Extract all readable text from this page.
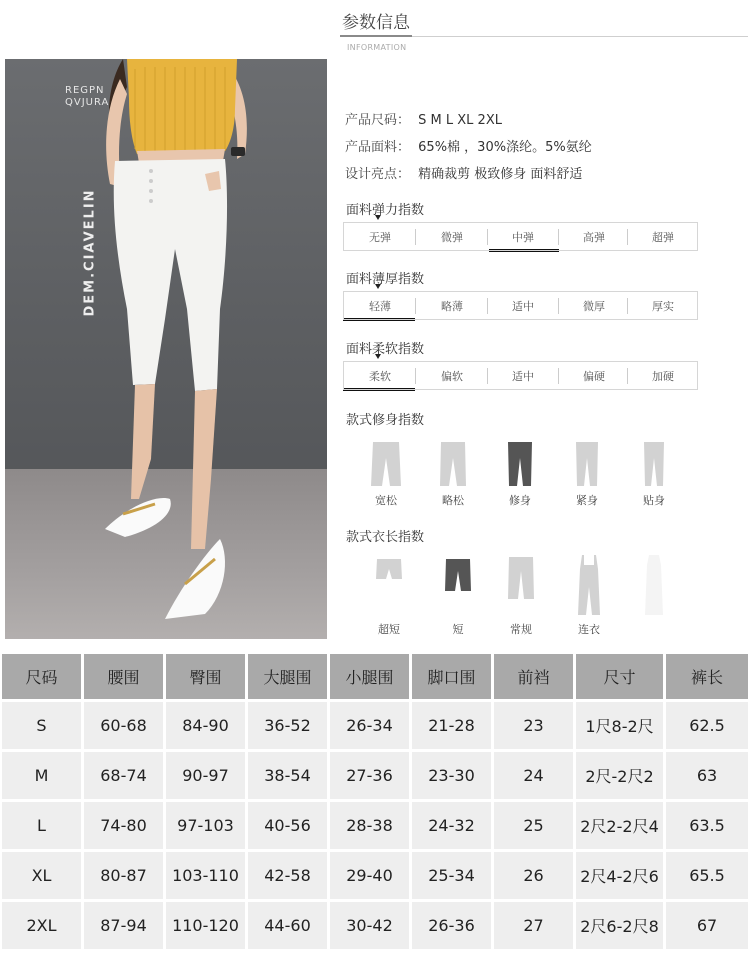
参数信息
INFORMATION
REGPN
QVJURA
DEM.CIAVELIN
产品尺码： S M L XL 2XL
产品面料： 65%棉 ，30%涤纶。5%氨纶
设计亮点： 精确裁剪 极致修身 面料舒适
面料弹力指数
无弹	微弹	中弹	高弹	超弹
面料薄厚指数
轻薄	略薄	适中	微厚	厚实
面料柔软指数
柔软	偏软	适中	偏硬	加硬
款式修身指数
宽松	略松	修身	紧身	贴身
款式衣长指数
超短	短	常规	连衣
尺码	腰围	臀围	大腿围	小腿围	脚口围	前裆	尺寸	裤长
S	60-68	84-90	36-52	26-34	21-28	23	1尺8-2尺	62.5
M	68-74	90-97	38-54	27-36	23-30	24	2尺-2尺2	63
L	74-80	97-103	40-56	28-38	24-32	25	2尺2-2尺4	63.5
XL	80-87	103-110	42-58	29-40	25-34	26	2尺4-2尺6	65.5
2XL	87-94	110-120	44-60	30-42	26-36	27	2尺6-2尺8	67
